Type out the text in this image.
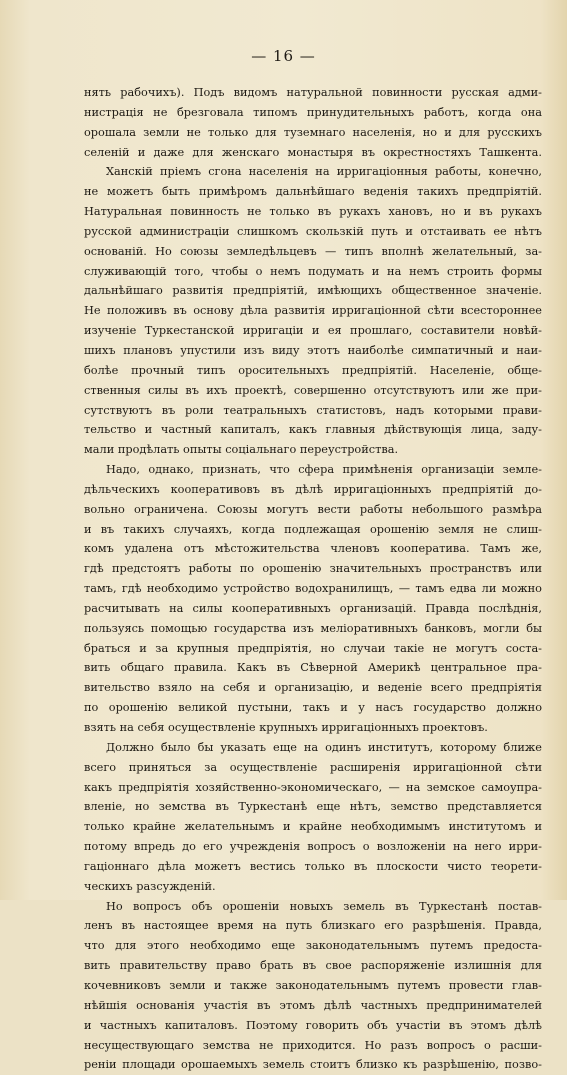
— 16 —
нять рабочихъ). Подъ видомъ натуральной повинности русская адми-
нистрація не брезговала типомъ принудительныхъ работъ, когда она
орошала земли не только для туземнаго населенія, но и для русскихъ
селеній и даже для женскаго монастыря въ окрестностяхъ Ташкента.
Ханскій пріемъ сгона населенія на ирригаціонныя работы, конечно,
не можетъ быть примѣромъ дальнѣйшаго веденія такихъ предпріятій.
Натуральная повинность не только въ рукахъ хановъ, но и въ рукахъ
русской администраціи слишкомъ скользкій путь и отстаивать ее нѣтъ
основаній. Но союзы земледѣльцевъ — типъ вполнѣ желательный, за-
служивающій того, чтобы о немъ подумать и на немъ строить формы
дальнѣйшаго развитія предпріятій, имѣющихъ общественное значеніе.
Не положивъ въ основу дѣла развитія ирригаціонной сѣти всестороннее
изученіе Туркестанской ирригаціи и ея прошлаго, составители новѣй-
шихъ плановъ упустили изъ виду этотъ наиболѣе симпатичный и наи-
болѣе прочный типъ оросительныхъ предпріятій. Населеніе, обще-
ственныя силы въ ихъ проектѣ, совершенно отсутствуютъ или же при-
сутствуютъ въ роли театральныхъ статистовъ, надъ которыми прави-
тельство и частный капиталъ, какъ главныя дѣйствующія лица, заду-
мали продѣлать опыты соціальнаго переустройства.
Надо, однако, признать, что сфера примѣненія организаціи земле-
дѣльческихъ кооперативовъ въ дѣлѣ ирригаціонныхъ предпріятій до-
вольно ограничена. Союзы могутъ вести работы небольшого размѣра
и въ такихъ случаяхъ, когда подлежащая орошенію земля не слиш-
комъ удалена отъ мѣстожительства членовъ кооператива. Тамъ же,
гдѣ предстоятъ работы по орошенію значительныхъ пространствъ или
тамъ, гдѣ необходимо устройство водохранилищъ, — тамъ едва ли можно
расчитывать на силы кооперативныхъ организацій. Правда послѣднія,
пользуясь помощью государства изъ меліоративныхъ банковъ, могли бы
браться и за крупныя предпріятія, но случаи такіе не могутъ соста-
вить общаго правила. Какъ въ Сѣверной Америкѣ центральное пра-
вительство взяло на себя и организацію, и веденіе всего предпріятія
по орошенію великой пустыни, такъ и у насъ государство должно
взять на себя осуществленіе крупныхъ ирригаціонныхъ проектовъ.
Должно было бы указать еще на одинъ институтъ, которому ближе
всего приняться за осуществленіе расширенія ирригаціонной сѣти
какъ предпріятія хозяйственно-экономическаго, — на земское самоупра-
вленіе, но земства въ Туркестанѣ еще нѣтъ, земство представляется
только крайне желательнымъ и крайне необходимымъ институтомъ и
потому впредь до его учрежденія вопросъ о возложеніи на него ирри-
гаціоннаго дѣла можетъ вестись только въ плоскости чисто теорети-
ческихъ разсужденій.
Но вопросъ объ орошеніи новыхъ земель въ Туркестанѣ постав-
ленъ въ настоящее время на путь близкаго его разрѣшенія. Правда,
что для этого необходимо еще законодательнымъ путемъ предоста-
вить правительству право брать въ свое распоряженіе излишнія для
кочевниковъ земли и также законодательнымъ путемъ провести глав-
нѣйшія основанія участія въ этомъ дѣлѣ частныхъ предпринимателей
и частныхъ капиталовъ. Поэтому говорить объ участіи въ этомъ дѣлѣ
несуществующаго земства не приходится. Но разъ вопросъ о расши-
реніи площади орошаемыхъ земель стоитъ близко къ разрѣшенію, позво-
